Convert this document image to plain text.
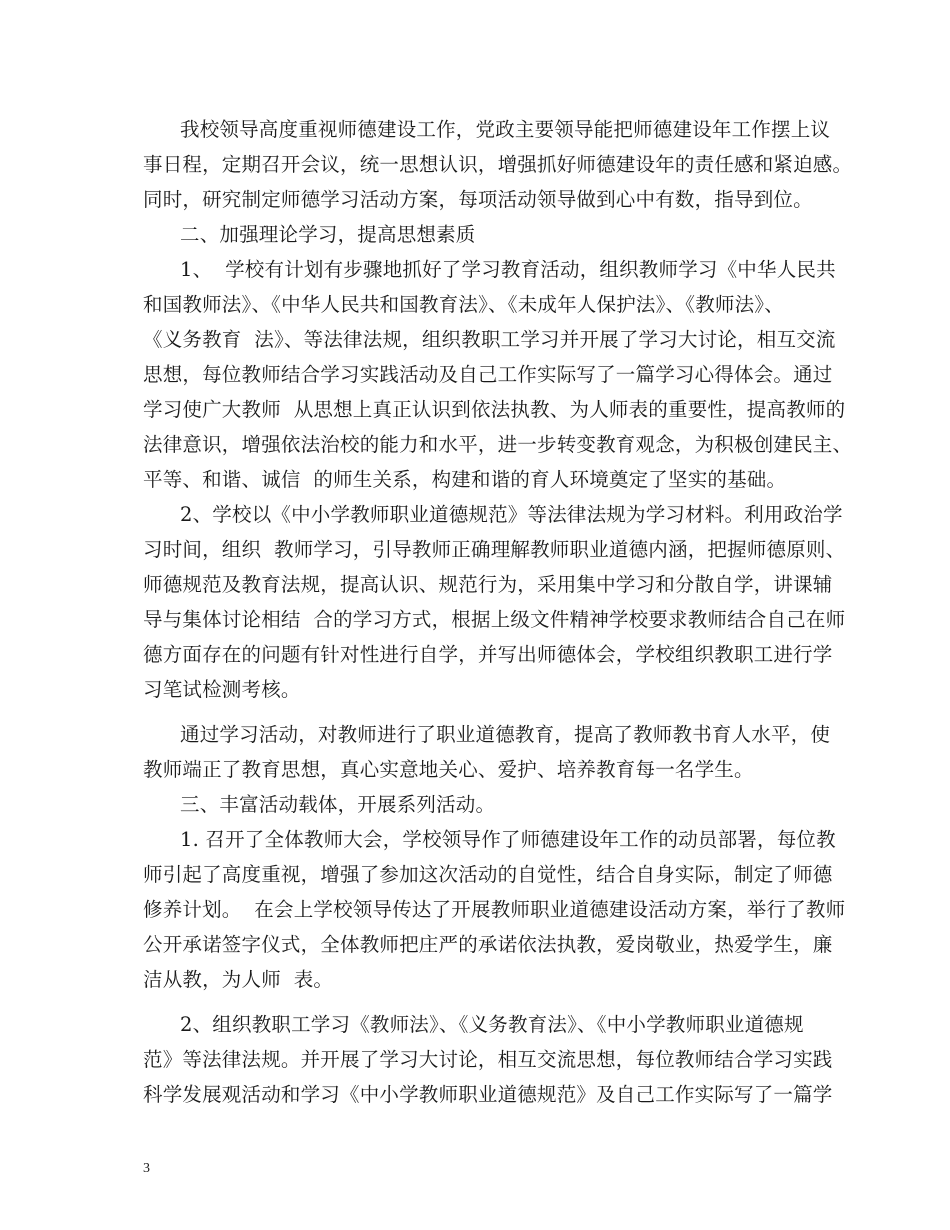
我校领导高度重视师德建设工作，党政主要领导能把师德建设年工作摆上议

事日程，定期召开会议，统一思想认识，增强抓好师德建设年的责任感和紧迫感。

同时，研究制定师德学习活动方案，每项活动领导做到心中有数，指导到位。

二、加强理论学习，提高思想素质

1、  学校有计划有步骤地抓好了学习教育活动，组织教师学习《中华人民共

和国教师法》、《中华人民共和国教育法》、《未成年人保护法》、《教师法》、

《义务教育  法》、等法律法规，组织教职工学习并开展了学习大讨论，相互交流

思想，每位教师结合学习实践活动及自己工作实际写了一篇学习心得体会。通过

学习使广大教师  从思想上真正认识到依法执教、为人师表的重要性，提高教师的

法律意识，增强依法治校的能力和水平，进一步转变教育观念，为积极创建民主、

平等、和谐、诚信  的师生关系，构建和谐的育人环境奠定了坚实的基础。

2、学校以《中小学教师职业道德规范》等法律法规为学习材料。利用政治学

习时间，组织  教师学习，引导教师正确理解教师职业道德内涵，把握师德原则、

师德规范及教育法规，提高认识、规范行为，采用集中学习和分散自学，讲课辅

导与集体讨论相结  合的学习方式，根据上级文件精神学校要求教师结合自己在师

德方面存在的问题有针对性进行自学，并写出师德体会，学校组织教职工进行学

习笔试检测考核。

通过学习活动，对教师进行了职业道德教育，提高了教师教书育人水平，使

教师端正了教育思想，真心实意地关心、爱护、培养教育每一名学生。

三、丰富活动载体，开展系列活动。

1. 召开了全体教师大会，学校领导作了师德建设年工作的动员部署，每位教

师引起了高度重视，增强了参加这次活动的自觉性，结合自身实际，制定了师德

修养计划。  在会上学校领导传达了开展教师职业道德建设活动方案，举行了教师

公开承诺签字仪式，全体教师把庄严的承诺依法执教，爱岗敬业，热爱学生，廉

洁从教，为人师  表。

2、组织教职工学习《教师法》、《义务教育法》、《中小学教师职业道德规

范》等法律法规。并开展了学习大讨论，相互交流思想，每位教师结合学习实践

科学发展观活动和学习《中小学教师职业道德规范》及自己工作实际写了一篇学

3
